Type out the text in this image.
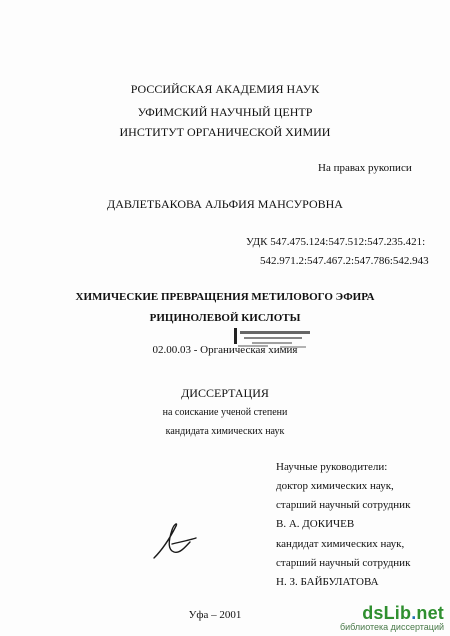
РОССИЙСКАЯ АКАДЕМИЯ НАУК
УФИМСКИЙ НАУЧНЫЙ ЦЕНТР
ИНСТИТУТ ОРГАНИЧЕСКОЙ ХИМИИ
На правах рукописи
ДАВЛЕТБАКОВА АЛЬФИЯ МАНСУРОВНА
УДК 547.475.124:547.512:547.235.421:
542.971.2:547.467.2:547.786:542.943
ХИМИЧЕСКИЕ ПРЕВРАЩЕНИЯ МЕТИЛОВОГО ЭФИРА
РИЦИНОЛЕВОЙ КИСЛОТЫ
02.00.03 - Органическая химия
ДИССЕРТАЦИЯ
на соискание ученой степени
кандидата химических наук
Научные руководители:
доктор химических наук,
старший научный сотрудник
В. А. ДОКИЧЕВ
кандидат химических наук,
старший научный сотрудник
Н. З. БАЙБУЛАТОВА
Уфа – 2001	dsLib.net
библиотека диссертаций
